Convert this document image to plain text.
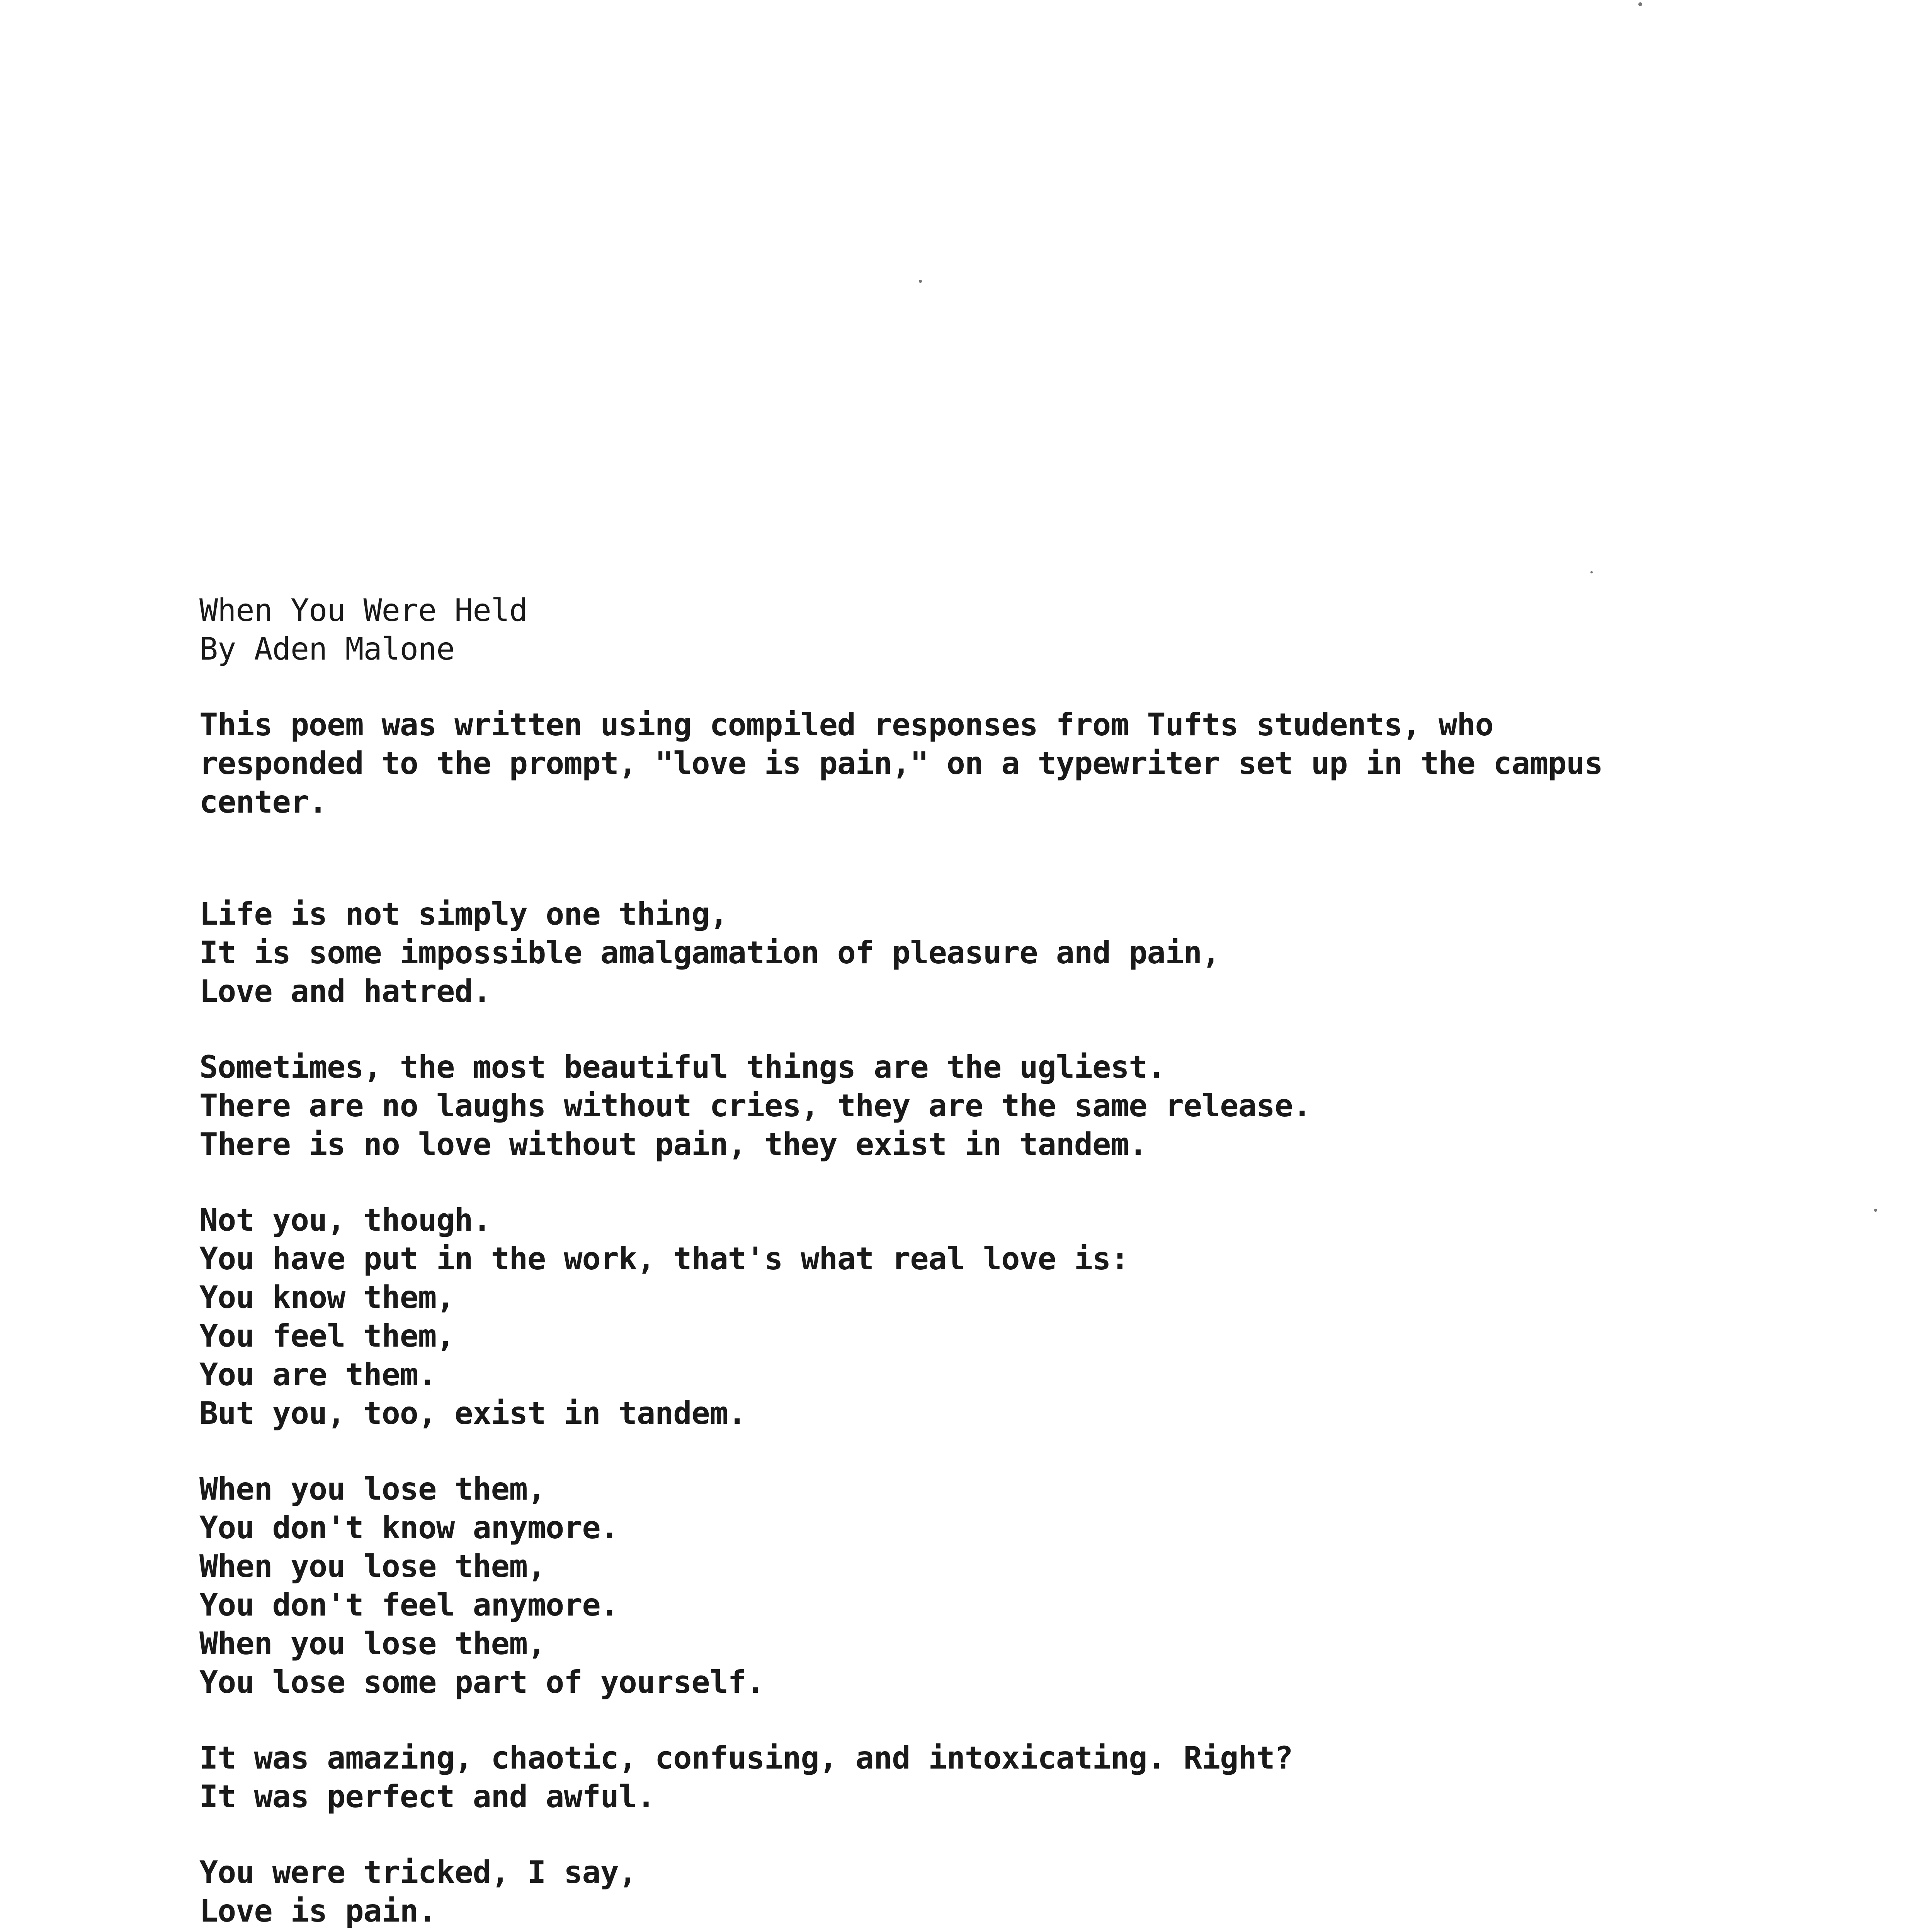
When You Were Held
By Aden Malone
This poem was written using compiled responses from Tufts students, who
responded to the prompt, "love is pain," on a typewriter set up in the campus
center.
Life is not simply one thing,
It is some impossible amalgamation of pleasure and pain,
Love and hatred.
Sometimes, the most beautiful things are the ugliest.
There are no laughs without cries, they are the same release.
There is no love without pain, they exist in tandem.
Not you, though.
You have put in the work, that's what real love is:
You know them,
You feel them,
You are them.
But you, too, exist in tandem.
When you lose them,
You don't know anymore.
When you lose them,
You don't feel anymore.
When you lose them,
You lose some part of yourself.
It was amazing, chaotic, confusing, and intoxicating. Right?
It was perfect and awful.
You were tricked, I say,
Love is pain.
